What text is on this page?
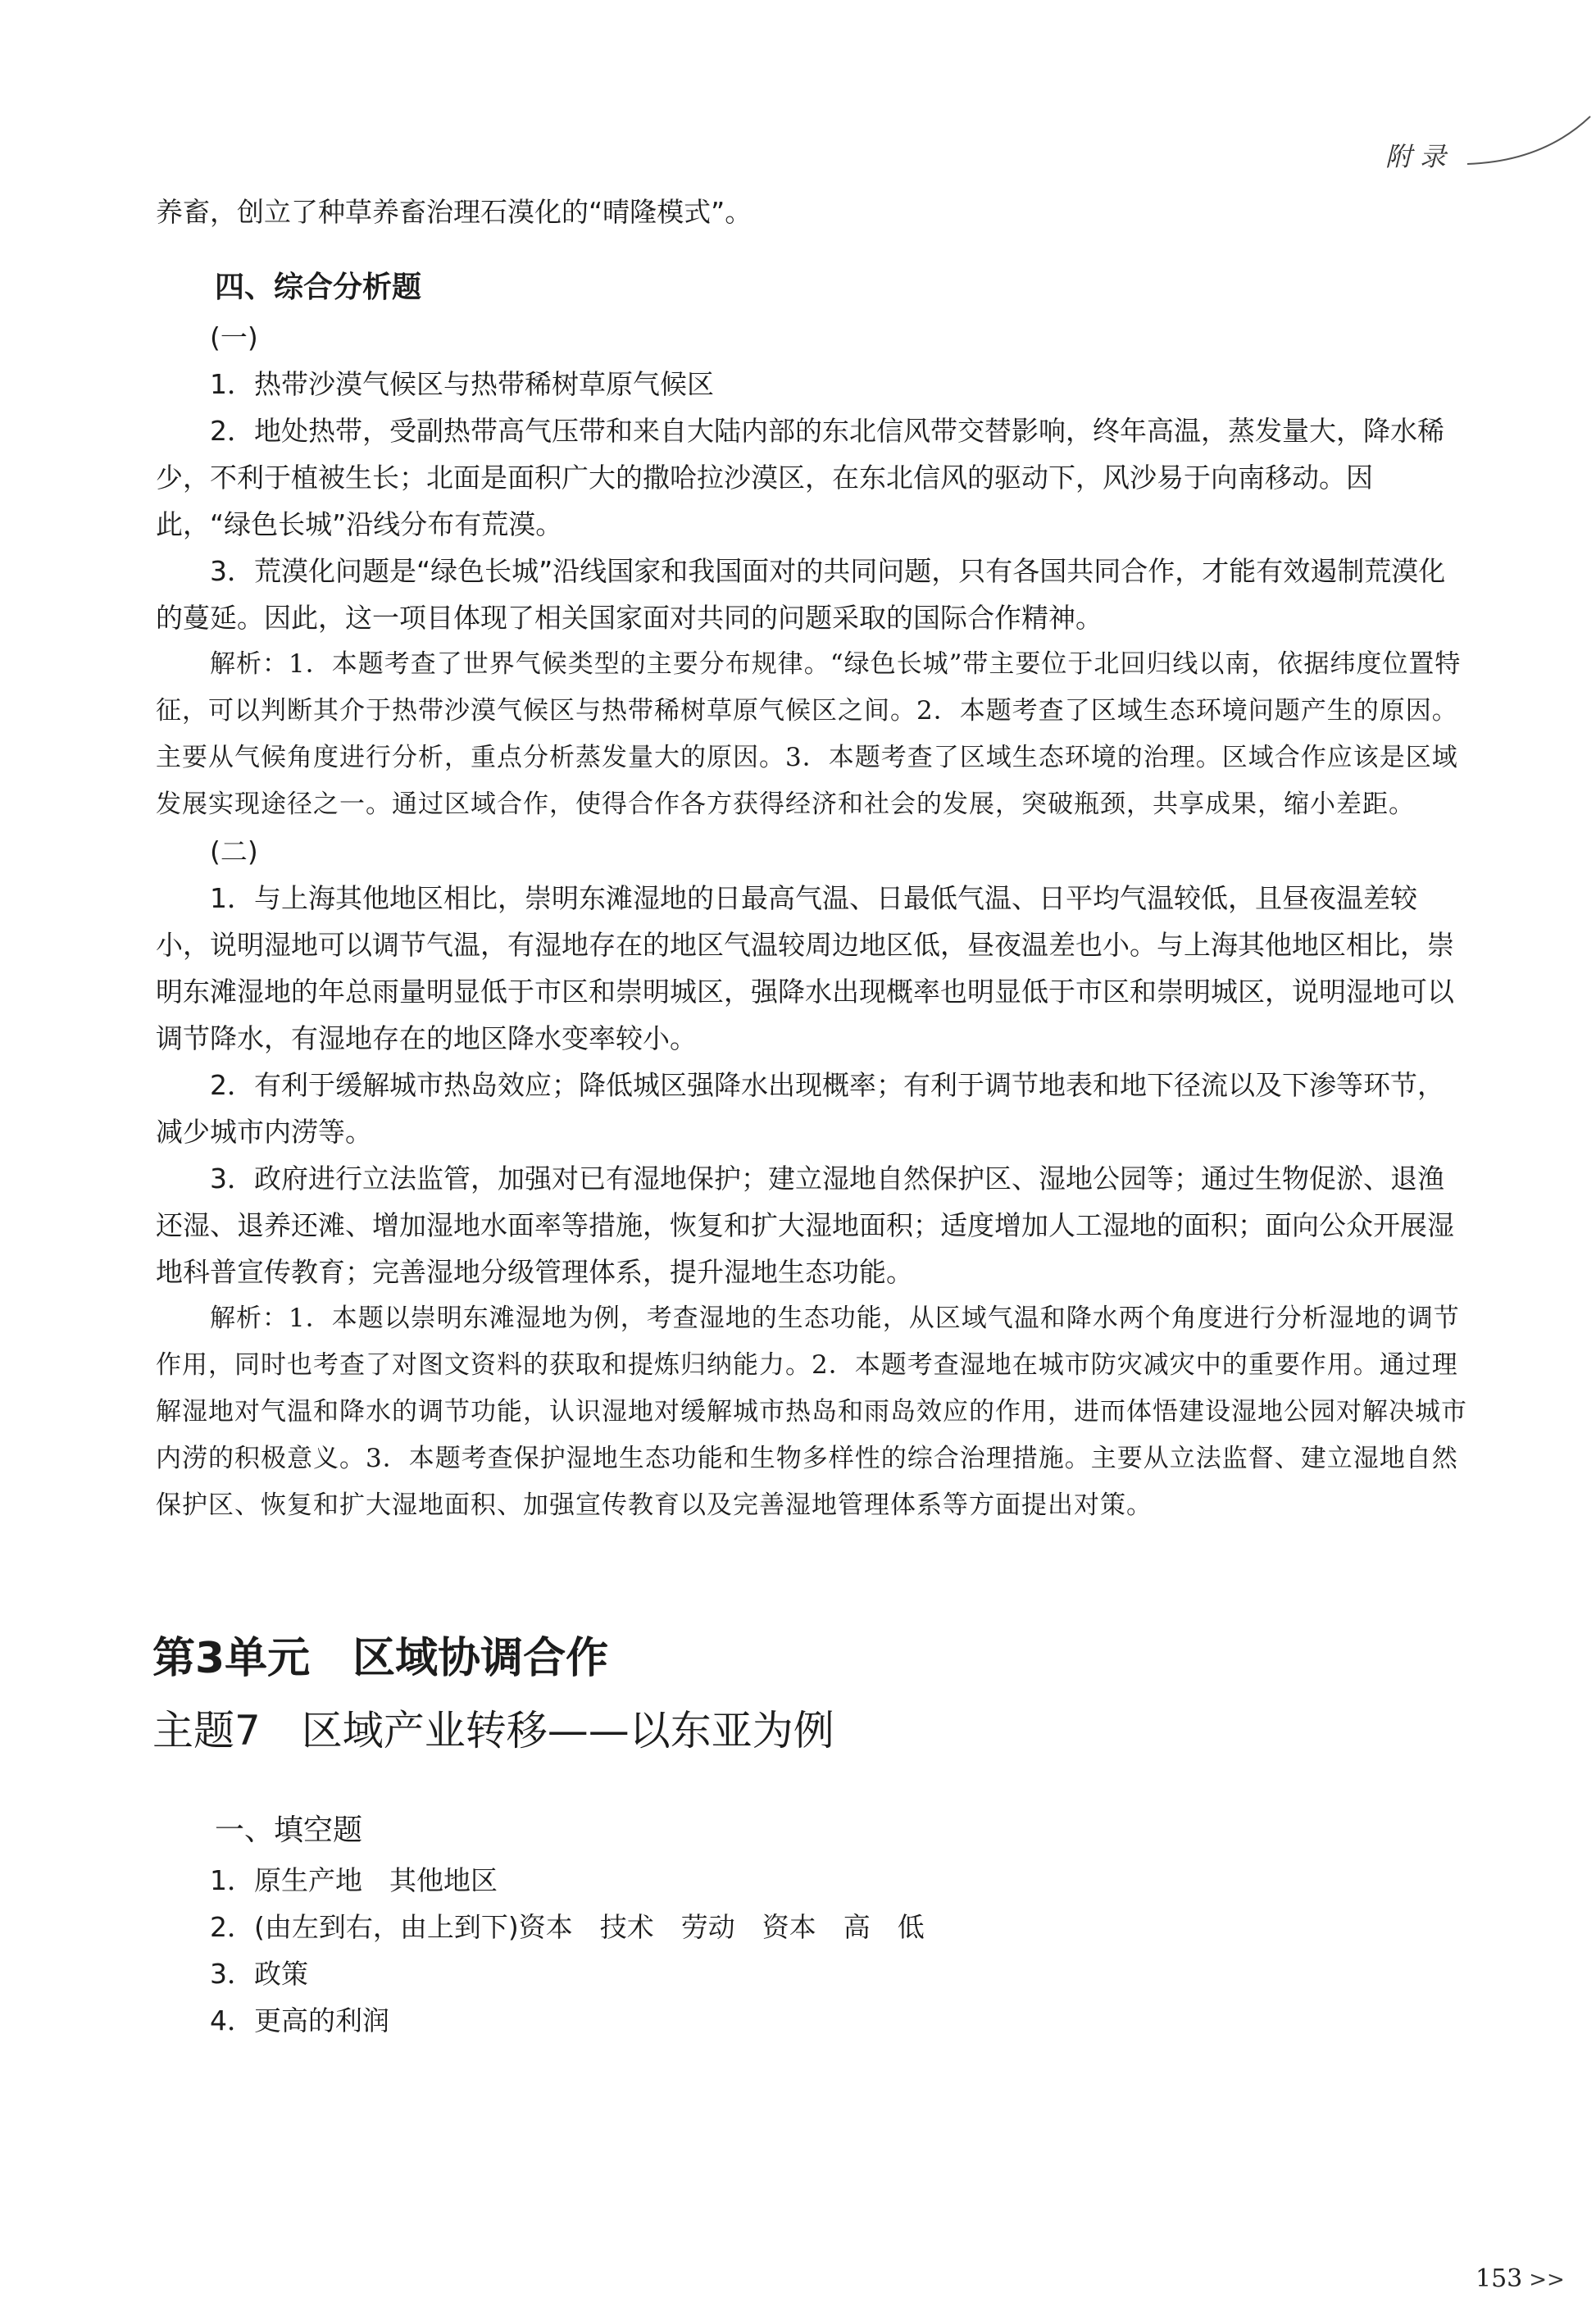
附录

养畜，创立了种草养畜治理石漠化的“晴隆模式”。

四、综合分析题

(一)

1．热带沙漠气候区与热带稀树草原气候区

2．地处热带，受副热带高气压带和来自大陆内部的东北信风带交替影响，终年高温，蒸发量大，降水稀少，不利于植被生长；北面是面积广大的撒哈拉沙漠区，在东北信风的驱动下，风沙易于向南移动。因此，“绿色长城”沿线分布有荒漠。

3．荒漠化问题是“绿色长城”沿线国家和我国面对的共同问题，只有各国共同合作，才能有效遏制荒漠化的蔓延。因此，这一项目体现了相关国家面对共同的问题采取的国际合作精神。

解析：1．本题考查了世界气候类型的主要分布规律。“绿色长城”带主要位于北回归线以南，依据纬度位置特征，可以判断其介于热带沙漠气候区与热带稀树草原气候区之间。2．本题考查了区域生态环境问题产生的原因。主要从气候角度进行分析，重点分析蒸发量大的原因。3．本题考查了区域生态环境的治理。区域合作应该是区域发展实现途径之一。通过区域合作，使得合作各方获得经济和社会的发展，突破瓶颈，共享成果，缩小差距。

(二)

1．与上海其他地区相比，崇明东滩湿地的日最高气温、日最低气温、日平均气温较低，且昼夜温差较小，说明湿地可以调节气温，有湿地存在的地区气温较周边地区低，昼夜温差也小。与上海其他地区相比，崇明东滩湿地的年总雨量明显低于市区和崇明城区，强降水出现概率也明显低于市区和崇明城区，说明湿地可以调节降水，有湿地存在的地区降水变率较小。

2．有利于缓解城市热岛效应；降低城区强降水出现概率；有利于调节地表和地下径流以及下渗等环节，减少城市内涝等。

3．政府进行立法监管，加强对已有湿地保护；建立湿地自然保护区、湿地公园等；通过生物促淤、退渔还湿、退养还滩、增加湿地水面率等措施，恢复和扩大湿地面积；适度增加人工湿地的面积；面向公众开展湿地科普宣传教育；完善湿地分级管理体系，提升湿地生态功能。

解析：1．本题以崇明东滩湿地为例，考查湿地的生态功能，从区域气温和降水两个角度进行分析湿地的调节作用，同时也考查了对图文资料的获取和提炼归纳能力。2．本题考查湿地在城市防灾减灾中的重要作用。通过理解湿地对气温和降水的调节功能，认识湿地对缓解城市热岛和雨岛效应的作用，进而体悟建设湿地公园对解决城市内涝的积极意义。3．本题考查保护湿地生态功能和生物多样性的综合治理措施。主要从立法监督、建立湿地自然保护区、恢复和扩大湿地面积、加强宣传教育以及完善湿地管理体系等方面提出对策。

第3单元　区域协调合作
主题7　区域产业转移——以东亚为例
一、填空题

1．原生产地　其他地区

2．(由左到右，由上到下)资本　技术　劳动　资本　高　低

3．政策

4．更高的利润

153 >>
